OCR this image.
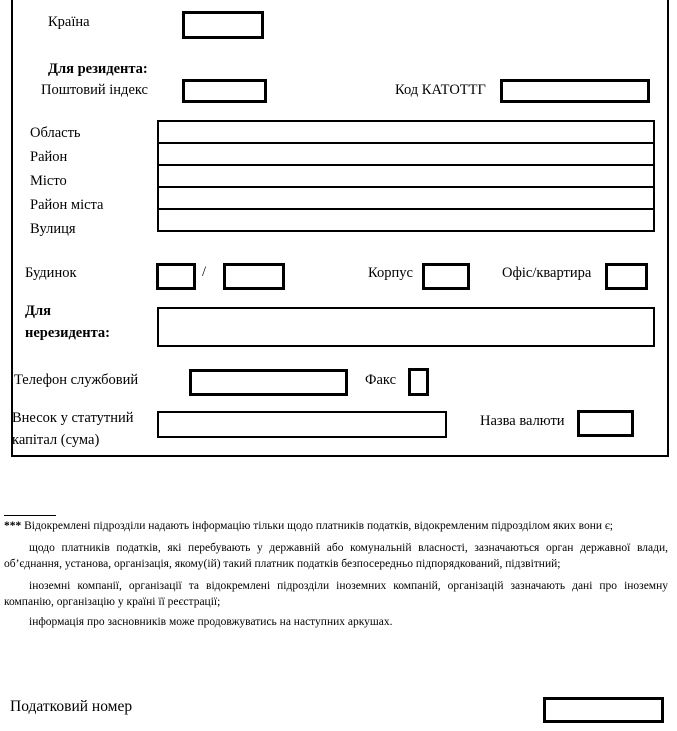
Країна
Для резидента:
Поштовий індекс	Код КАТОТТГ
Область
Район
Місто
Район міста
Вулиця
Будинок	/	Корпус	Офіс/квартира
Для нерезидента:
Телефон службовий	Факс
Внесок у статутний капітал (сума)
Назва валюти

*** Відокремлені підрозділи надають інформацію тільки щодо платників податків, відокремленим підрозділом яких вони є;

щодо платників податків, які перебувають у державній або комунальній власності, зазначаються орган державної влади, об’єднання, установа, організація, якому(ій) такий платник податків безпосередньо підпорядкований, підзвітний;

іноземні компанії, організації та відокремлені підрозділи іноземних компаній, організацій зазначають дані про іноземну компанію, організацію у країні її реєстрації;

інформація про засновників може продовжуватись на наступних аркушах.

Податковий номер
